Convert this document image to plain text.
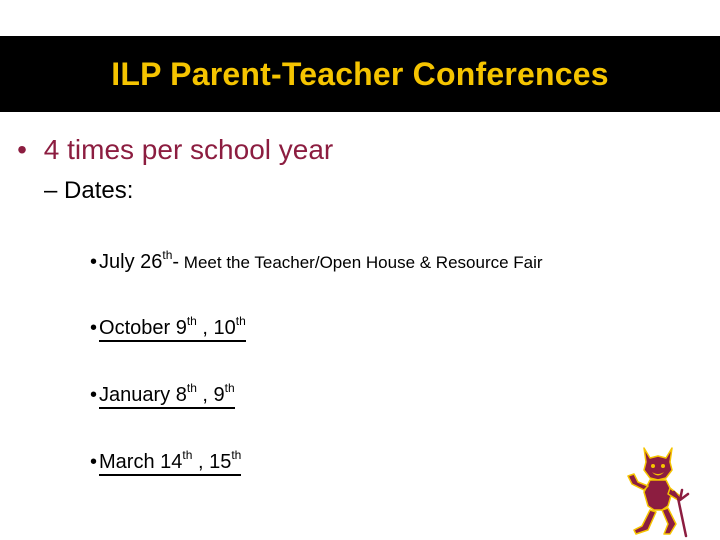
ILP Parent-Teacher Conferences
• 4 times per school year
– Dates:
• July 26th- Meet the Teacher/Open House & Resource Fair
• October 9th , 10th
• January 8th , 9th
• March 14th , 15th
